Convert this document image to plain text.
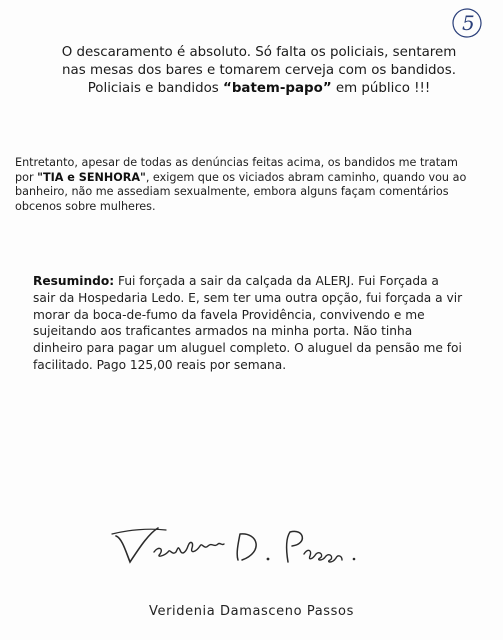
5

O descaramento é absoluto. Só falta os policiais, sentarem nas mesas dos bares e tomarem cerveja com os bandidos. Policiais e bandidos “batem-papo” em público !!!

Entretanto, apesar de todas as denúncias feitas acima, os bandidos me tratam por "TIA e SENHORA", exigem que os viciados abram caminho, quando vou ao banheiro, não me assediam sexualmente, embora alguns façam comentários obcenos sobre mulheres.

Resumindo: Fui forçada a sair da calçada da ALERJ. Fui Forçada a sair da Hospedaria Ledo. E, sem ter uma outra opção, fui forçada a vir morar da boca-de-fumo da favela Providência, convivendo e me sujeitando aos traficantes armados na minha porta. Não tinha dinheiro para pagar um aluguel completo. O aluguel da pensão me foi facilitado. Pago 125,00 reais por semana.

Veridenia Damasceno Passos
